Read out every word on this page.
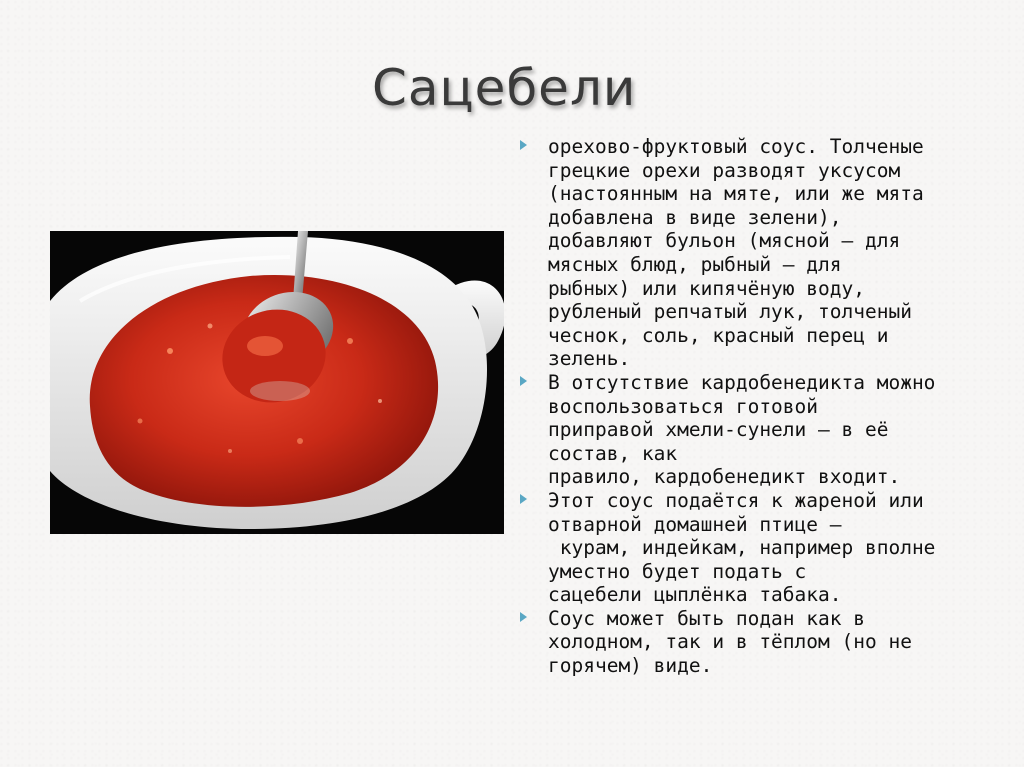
Сацебели
орехово-фруктовый соус. Толченые
грецкие орехи разводят уксусом
(настоянным на мяте, или же мята
добавлена в виде зелени),
добавляют бульон (мясной — для
мясных блюд, рыбный — для
рыбных) или кипячёную воду,
рубленый репчатый лук, толченый
чеснок, соль, красный перец и
зелень.
В отсутствие кардобенедикта можно
воспользоваться готовой
приправой хмели-сунели — в её
состав, как
правило, кардобенедикт входит.
Этот соус подаётся к жареной или
отварной домашней птице —
курам, индейкам, например вполне
уместно будет подать с
сацебели цыплёнка табака.
Соус может быть подан как в
холодном, так и в тёплом (но не
горячем) виде.
